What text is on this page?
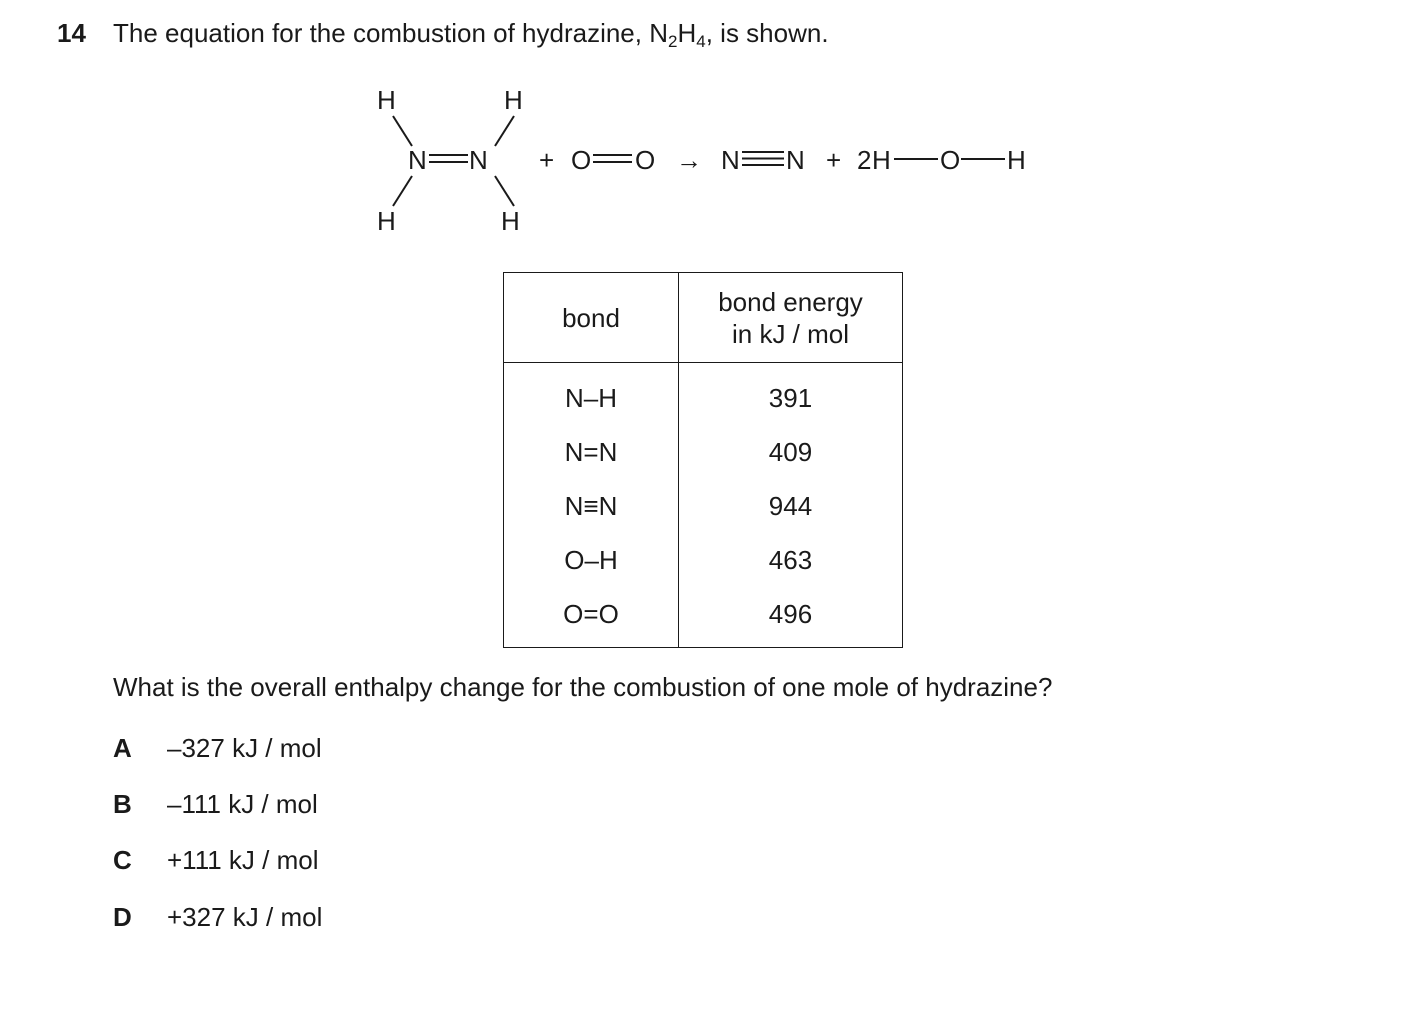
14 The equation for the combustion of hydrazine, $N_2H_4$, is shown.
H	H
N N
H	H
+ O O → N N + 2 H O H
bond	bond energy
in kJ / mol
N–H	391
N=N	409
N≡N	944
O–H	463
O=O	496
What is the overall enthalpy change for the combustion of one mole of hydrazine?
A –327 kJ / mol
B –111 kJ / mol
C +111 kJ / mol
D +327 kJ / mol
